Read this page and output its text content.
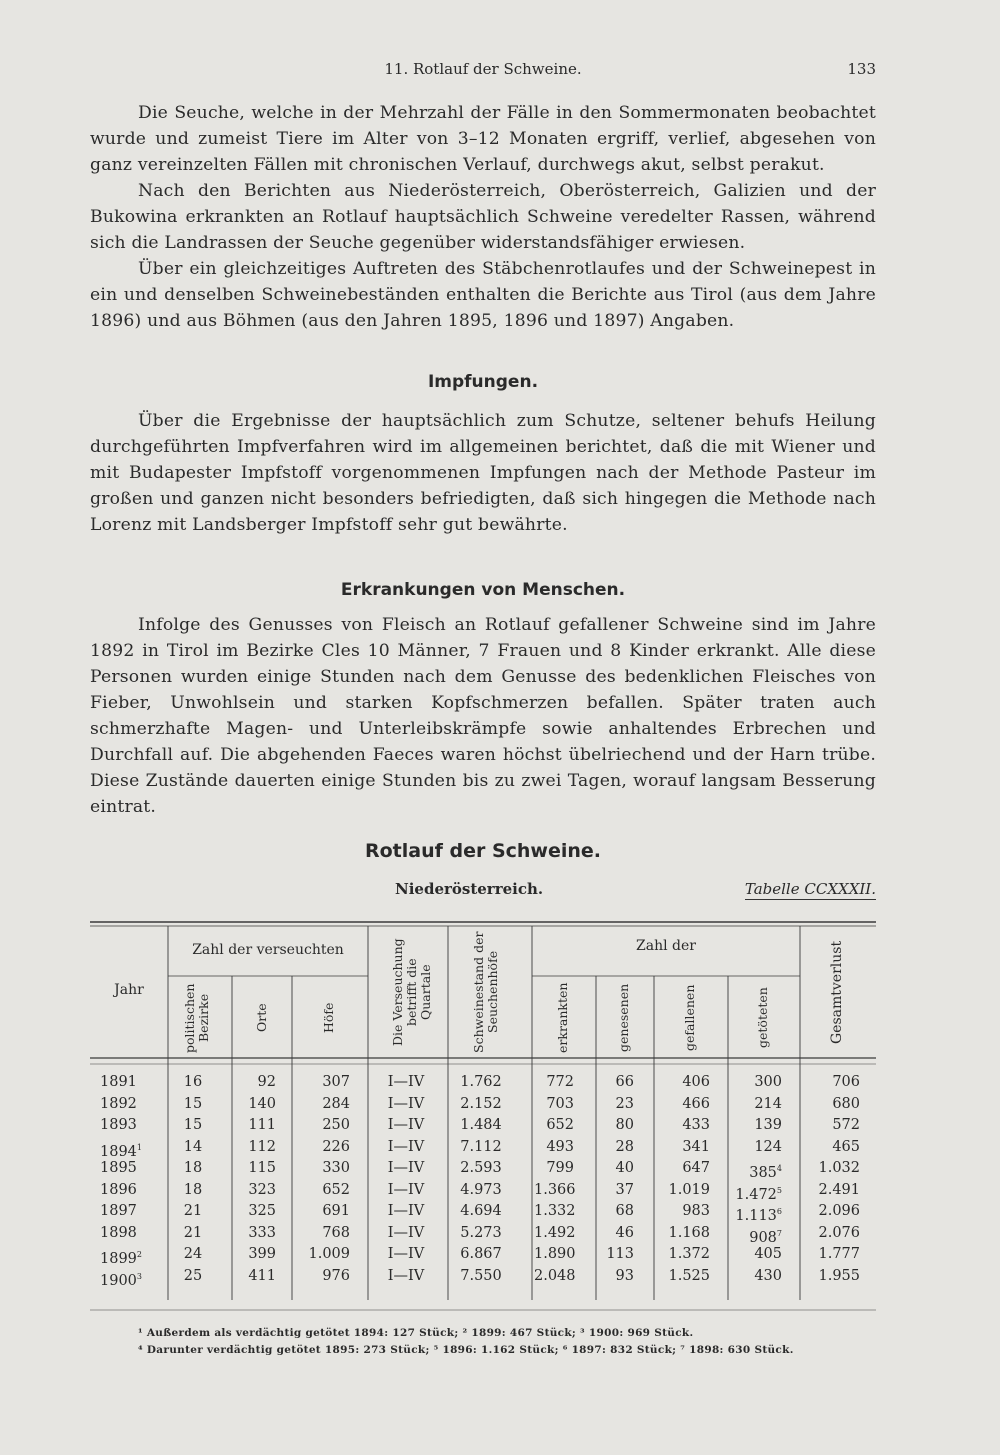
11. Rotlauf der Schweine.	133

Die Seuche, welche in der Mehrzahl der Fälle in den Sommermonaten beobachtet wurde und zumeist Tiere im Alter von 3–12 Monaten ergriff, verlief, abgesehen von ganz vereinzelten Fällen mit chronischen Verlauf, durchwegs akut, selbst perakut.

Nach den Berichten aus Niederösterreich, Oberösterreich, Galizien und der Bukowina erkrankten an Rotlauf hauptsächlich Schweine veredelter Rassen, während sich die Landrassen der Seuche gegenüber widerstandsfähiger erwiesen.

Über ein gleichzeitiges Auftreten des Stäbchenrotlaufes und der Schweinepest in ein und denselben Schweinebeständen enthalten die Berichte aus Tirol (aus dem Jahre 1896) und aus Böhmen (aus den Jahren 1895, 1896 und 1897) Angaben.

Impfungen.

Über die Ergebnisse der hauptsächlich zum Schutze, seltener behufs Heilung durchgeführten Impfverfahren wird im allgemeinen berichtet, daß die mit Wiener und mit Budapester Impfstoff vorgenommenen Impfungen nach der Methode Pasteur im großen und ganzen nicht besonders befriedigten, daß sich hingegen die Methode nach Lorenz mit Landsberger Impfstoff sehr gut bewährte.

Erkrankungen von Menschen.

Infolge des Genusses von Fleisch an Rotlauf gefallener Schweine sind im Jahre 1892 in Tirol im Bezirke Cles 10 Männer, 7 Frauen und 8 Kinder erkrankt. Alle diese Personen wurden einige Stunden nach dem Genusse des bedenklichen Fleisches von Fieber, Unwohlsein und starken Kopfschmerzen befallen. Später traten auch schmerzhafte Magen- und Unterleibskrämpfe sowie anhaltendes Erbrechen und Durchfall auf. Die abgehenden Faeces waren höchst übelriechend und der Harn trübe. Diese Zustände dauerten einige Stunden bis zu zwei Tagen, worauf langsam Besserung eintrat.

Rotlauf der Schweine.
Niederösterreich.	Tabelle CCXXXII.
Jahr
Zahl der verseuchten
politischen Bezirke	Orte	Höfe	Die Verseuchung betrifft die Quartale	Schweinestand der Seuchenhöfe
Zahl der
erkrankten	genesenen	gefallenen	getöteten	Gesamtverlust
1891	16	92	307	I—IV	1.762	772	66	406	300	706
1892	15	140	284	I—IV	2.152	703	23	466	214	680
1893	15	111	250	I—IV	1.484	652	80	433	139	572
1894$^1$	14	112	226	I—IV	7.112	493	28	341	124	465
1895	18	115	330	I—IV	2.593	799	40	647	$385^4$	1.032
1896	18	323	652	I—IV	4.973	1.366	37	1.019	1.472$^5$	2.491
1897	21	325	691	I—IV	4.694	1.332	68	983	1.113$^6$	2.096
1898	21	333	768	I—IV	5.273	1.492	46	1.168	$908^7$	2.076
1899$^2$	24	399	1.009	I—IV	6.867	1.890	113	1.372	405	1.777
1900$^3$	25	411	976	I—IV	7.550	2.048	93	1.525	430	1.955
¹ Außerdem als verdächtig getötet 1894: 127 Stück; ² 1899: 467 Stück; ³ 1900: 969 Stück.
⁴ Darunter verdächtig getötet 1895: 273 Stück; ⁵ 1896: 1.162 Stück; ⁶ 1897: 832 Stück; ⁷ 1898: 630 Stück.
